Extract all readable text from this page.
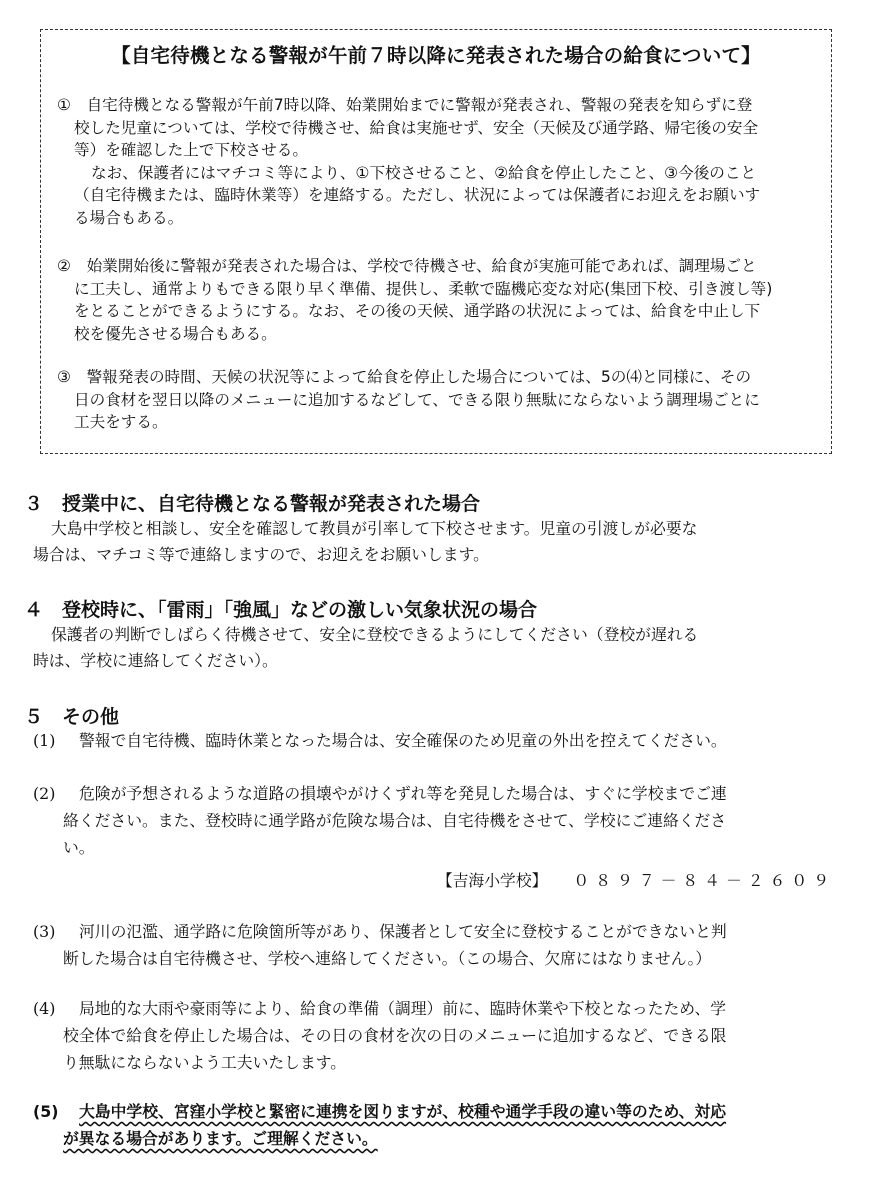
【自宅待機となる警報が午前７時以降に発表された場合の給食について】
①　自宅待機となる警報が午前7時以降、始業開始までに警報が発表され、警報の発表を知らずに登
校した児童については、学校で待機させ、給食は実施せず、安全（天候及び通学路、帰宅後の安全
等）を確認した上で下校させる。
なお、保護者にはマチコミ等により、①下校させること、②給食を停止したこと、③今後のこと
（自宅待機または、臨時休業等）を連絡する。ただし、状況によっては保護者にお迎えをお願いす
る場合もある。
②　始業開始後に警報が発表された場合は、学校で待機させ、給食が実施可能であれば、調理場ごと
に工夫し、通常よりもできる限り早く準備、提供し、柔軟で臨機応変な対応(集団下校、引き渡し等)
をとることができるようにする。なお、その後の天候、通学路の状況によっては、給食を中止し下
校を優先させる場合もある。
③　警報発表の時間、天候の状況等によって給食を停止した場合については、5の⑷と同様に、その
日の食材を翌日以降のメニューに追加するなどして、できる限り無駄にならないよう調理場ごとに
工夫をする。
３ 授業中に、自宅待機となる警報が発表された場合
大島中学校と相談し、安全を確認して教員が引率して下校させます。児童の引渡しが必要な
場合は、マチコミ等で連絡しますので、お迎えをお願いします。
４ 登校時に、「雷雨」「強風」などの激しい気象状況の場合
保護者の判断でしばらく待機させて、安全に登校できるようにしてください（登校が遅れる
時は、学校に連絡してください）。
５ その他
(1) 警報で自宅待機、臨時休業となった場合は、安全確保のため児童の外出を控えてください。
(2) 危険が予想されるような道路の損壊やがけくずれ等を発見した場合は、すぐに学校までご連
絡ください。また、登校時に通学路が危険な場合は、自宅待機をさせて、学校にご連絡くださ
い。
【吉海小学校】 ０８９７－８４－２６０９
(3) 河川の氾濫、通学路に危険箇所等があり、保護者として安全に登校することができないと判
断した場合は自宅待機させ、学校へ連絡してください。（この場合、欠席にはなりません。）
(4) 局地的な大雨や豪雨等により、給食の準備（調理）前に、臨時休業や下校となったため、学
校全体で給食を停止した場合は、その日の食材を次の日のメニューに追加するなど、できる限
り無駄にならないよう工夫いたします。
(5) 大島中学校、宮窪小学校と緊密に連携を図りますが、校種や通学手段の違い等のため、対応
が異なる場合があります。ご理解ください。
